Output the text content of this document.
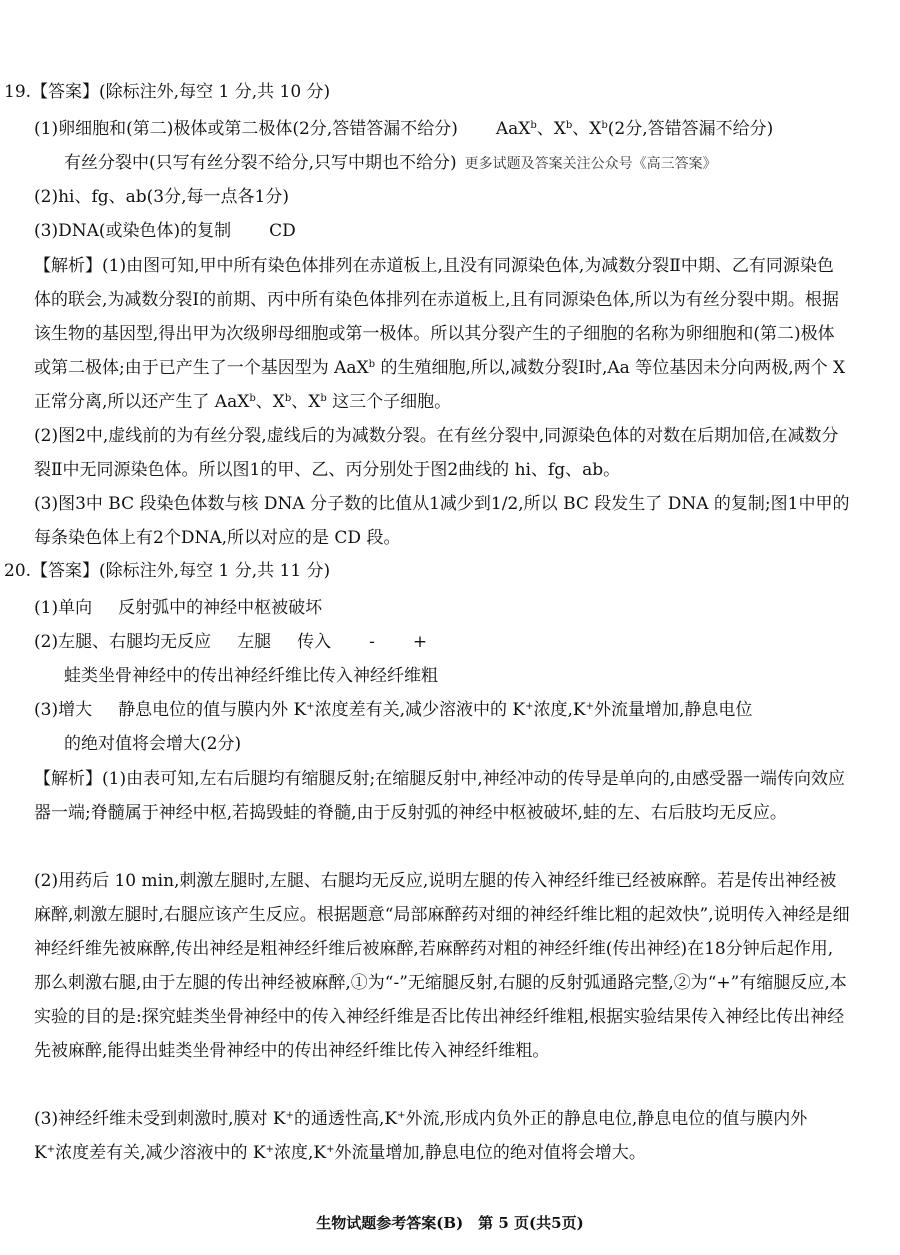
19.【答案】(除标注外,每空 1 分,共 10 分)
(1)卵细胞和(第二)极体或第二极体(2分,答错答漏不给分) AaX$^b$、$X^b$、$X^b(2$分,答错答漏不给分)
有丝分裂中(只写有丝分裂不给分,只写中期也不给分) 更多试题及答案关注公众号《高三答案》
(2)hi、fg、ab(3分,每一点各1分)
(3)DNA(或染色体)的复制 CD
【解析】(1)由图可知,甲中所有染色体排列在赤道板上,且没有同源染色体,为减数分裂Ⅱ中期、乙有同源染色体的联会,为减数分裂Ⅰ的前期、丙中所有染色体排列在赤道板上,且有同源染色体,所以为有丝分裂中期。根据该生物的基因型,得出甲为次级卵母细胞或第一极体。所以其分裂产生的子细胞的名称为卵细胞和(第二)极体或第二极体;由于已产生了一个基因型为 AaX$^b$ 的生殖细胞,所以,减数分裂Ⅰ时,Aa 等位基因未分向两极,两个 X 正常分离,所以还产生了 AaX$^b$、$X^b$、$X^b$ 这三个子细胞。
(2)图2中,虚线前的为有丝分裂,虚线后的为减数分裂。在有丝分裂中,同源染色体的对数在后期加倍,在减数分裂Ⅱ中无同源染色体。所以图1的甲、乙、丙分别处于图2曲线的 hi、fg、ab。
(3)图3中 BC 段染色体数与核 DNA 分子数的比值从1减少到1/2,所以 BC 段发生了 DNA 的复制;图1中甲的每条染色体上有2个DNA,所以对应的是 CD 段。
20.【答案】(除标注外,每空 1 分,共 11 分)
(1)单向 反射弧中的神经中枢被破坏
(2)左腿、右腿均无反应 左腿 传入 - +
蛙类坐骨神经中的传出神经纤维比传入神经纤维粗
(3)增大 静息电位的值与膜内外 K+浓度差有关,减少溶液中的 K+浓度,K+外流量增加,静息电位
的绝对值将会增大(2分)
【解析】(1)由表可知,左右后腿均有缩腿反射;在缩腿反射中,神经冲动的传导是单向的,由感受器一端传向效应器一端;脊髓属于神经中枢,若捣毁蛙的脊髓,由于反射弧的神经中枢被破坏,蛙的左、右后肢均无反应。
(2)用药后 10 min,刺激左腿时,左腿、右腿均无反应,说明左腿的传入神经纤维已经被麻醉。若是传出神经被麻醉,刺激左腿时,右腿应该产生反应。根据题意“局部麻醉药对细的神经纤维比粗的起效快”,说明传入神经是细神经纤维先被麻醉,传出神经是粗神经纤维后被麻醉,若麻醉药对粗的神经纤维(传出神经)在18分钟后起作用,那么刺激右腿,由于左腿的传出神经被麻醉,①为“-”无缩腿反射,右腿的反射弧通路完整,②为“+”有缩腿反应,本实验的目的是:探究蛙类坐骨神经中的传入神经纤维是否比传出神经纤维粗,根据实验结果传入神经比传出神经先被麻醉,能得出蛙类坐骨神经中的传出神经纤维比传入神经纤维粗。
(3)神经纤维未受到刺激时,膜对 K+的通透性高,K+外流,形成内负外正的静息电位,静息电位的值与膜内外 K+浓度差有关,减少溶液中的 K+浓度,K+外流量增加,静息电位的绝对值将会增大。
生物试题参考答案(B)　第 5 页(共5页)
